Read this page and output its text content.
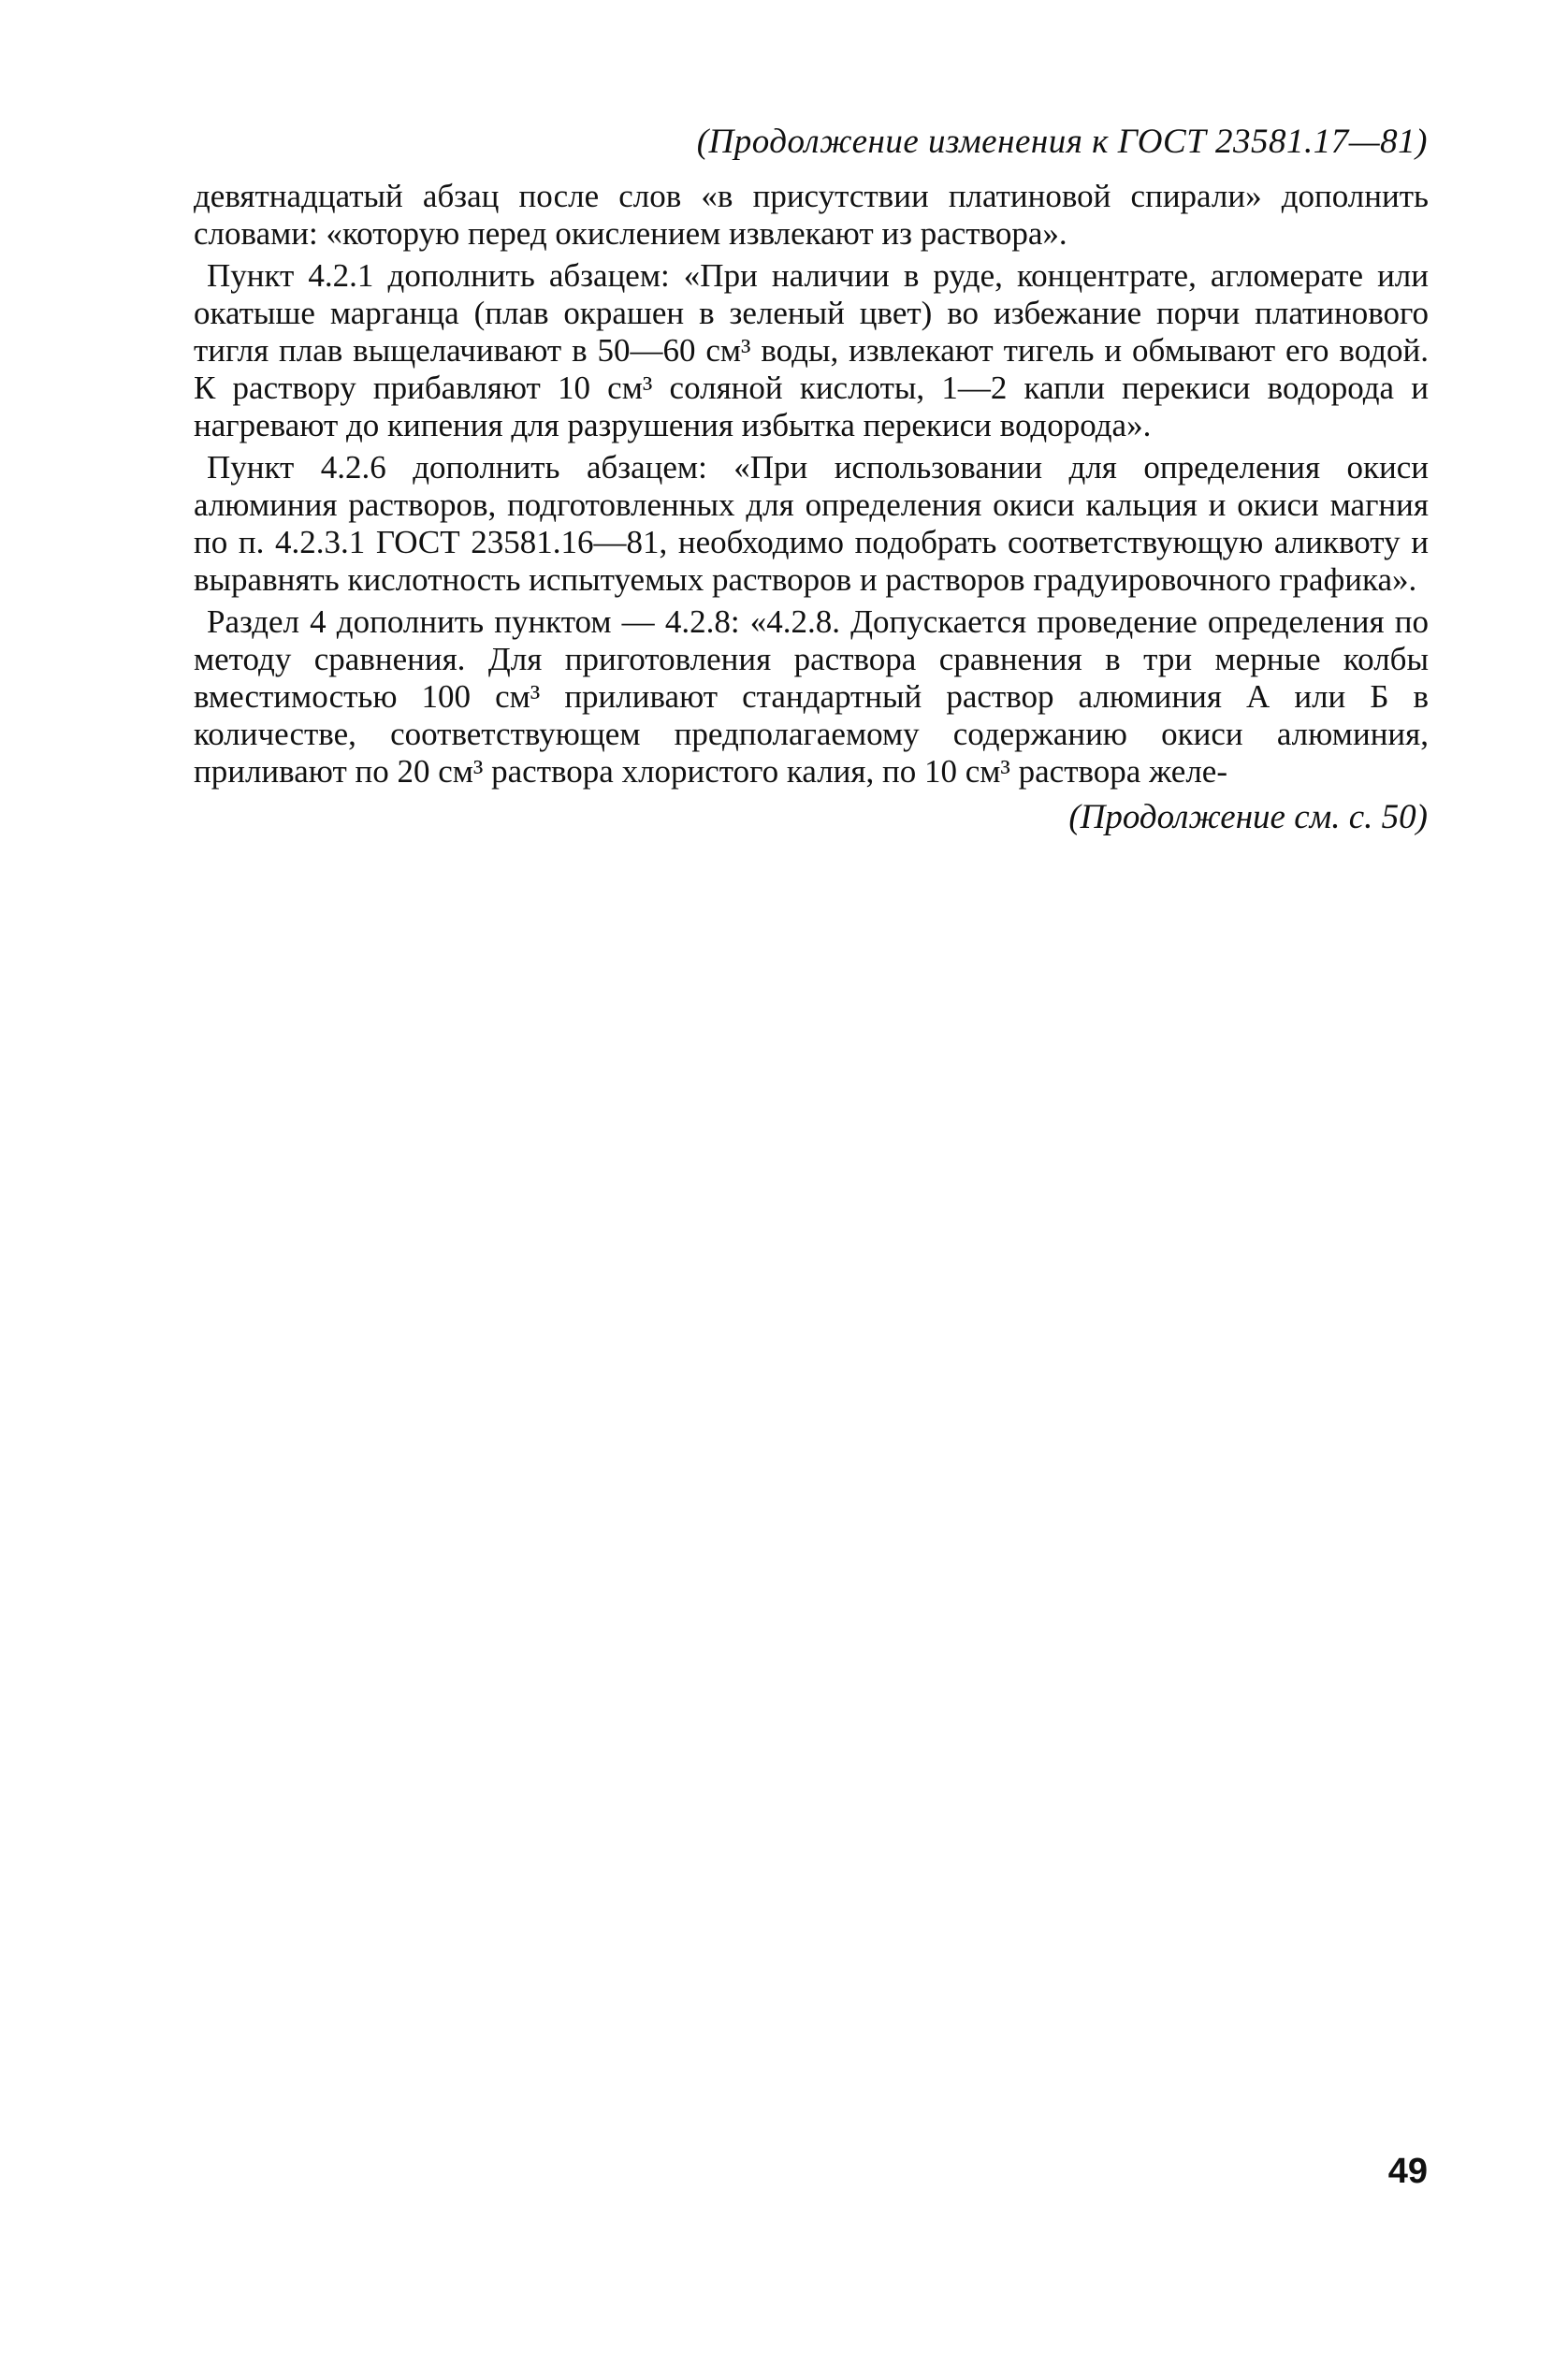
(Продолжение изменения к ГОСТ 23581.17—81)

девятнадцатый абзац после слов «в присутствии платиновой спирали» дополнить словами: «которую перед окислением извлекают из раствора».

Пункт 4.2.1 дополнить абзацем: «При наличии в руде, концентрате, агломерате или окатыше марганца (плав окрашен в зеленый цвет) во избежание порчи платинового тигля плав выщелачивают в 50—60 см³ воды, извлекают тигель и обмывают его водой. К раствору прибавляют 10 см³ соляной кислоты, 1—2 капли перекиси водорода и нагревают до кипения для разрушения избытка перекиси водорода».

Пункт 4.2.6 дополнить абзацем: «При использовании для определения окиси алюминия растворов, подготовленных для определения окиси кальция и окиси магния по п. 4.2.3.1 ГОСТ 23581.16—81, необходимо подобрать соответствующую аликвоту и выравнять кислотность испытуемых растворов и растворов градуировочного графика».

Раздел 4 дополнить пунктом — 4.2.8: «4.2.8. Допускается проведение определения по методу сравнения. Для приготовления раствора сравнения в три мерные колбы вместимостью 100 см³ приливают стандартный раствор алюминия А или Б в количестве, соответствующем предполагаемому содержанию окиси алюминия, приливают по 20 см³ раствора хлористого калия, по 10 см³ раствора желе-

(Продолжение см. с. 50)
49
